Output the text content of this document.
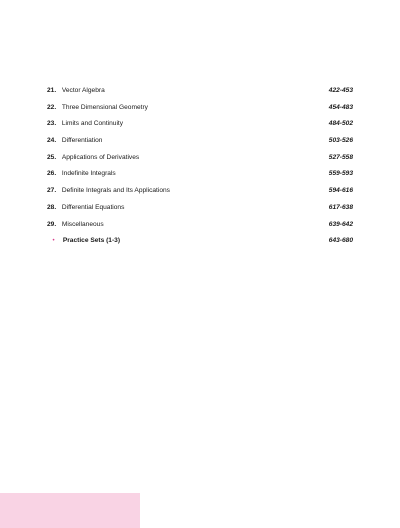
21. Vector Algebra	422-453
22. Three Dimensional Geometry	454-483
23. Limits and Continuity	484-502
24. Differentiation	503-526
25. Applications of Derivatives	527-558
26. Indefinite Integrals	559-593
27. Definite Integrals and Its Applications	594-616
28. Differential Equations	617-638
29. Miscellaneous	639-642
• Practice Sets (1-3)	643-680
